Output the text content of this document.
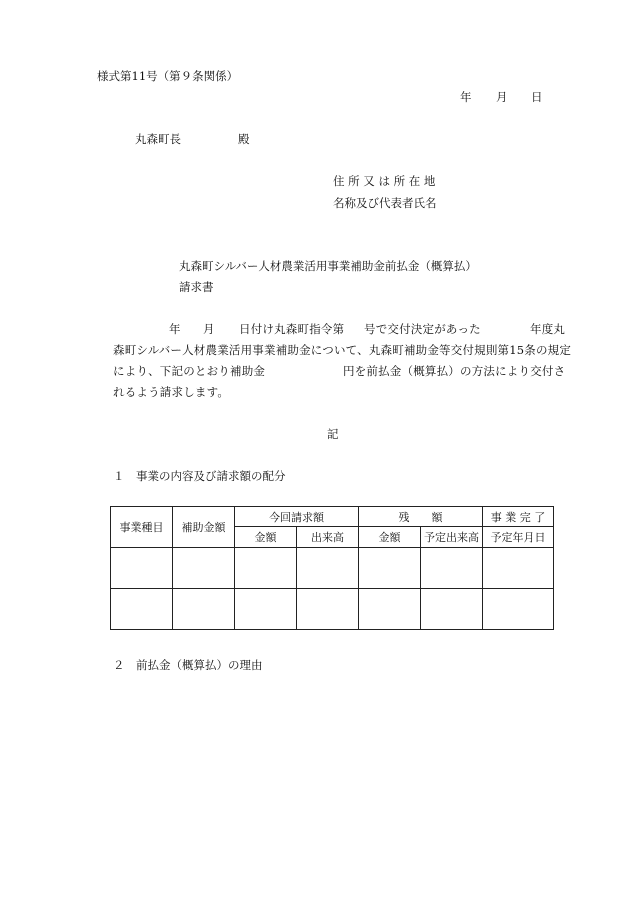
様式第11号（第９条関係）
年 月 日
丸森町長	殿
住 所 又 は 所 在 地
名称及び代表者氏名
丸森町シルバー人材農業活用事業補助金前払金（概算払）
請求書
年 月 日付け丸森町指令第 号で交付決定があった	年度丸
森町シルバー人材農業活用事業補助金について、丸森町補助金等交付規則第15条の規定
により、下記のとおり補助金	円を前払金（概算払）の方法により交付さ
れるよう請求します。
記
１　事業の内容及び請求額の配分
事業種目	補助金額	今回請求額		残　　額		事 業 完 了
		金額	出来高	金額	予定出来高	予定年月日

２　前払金（概算払）の理由
